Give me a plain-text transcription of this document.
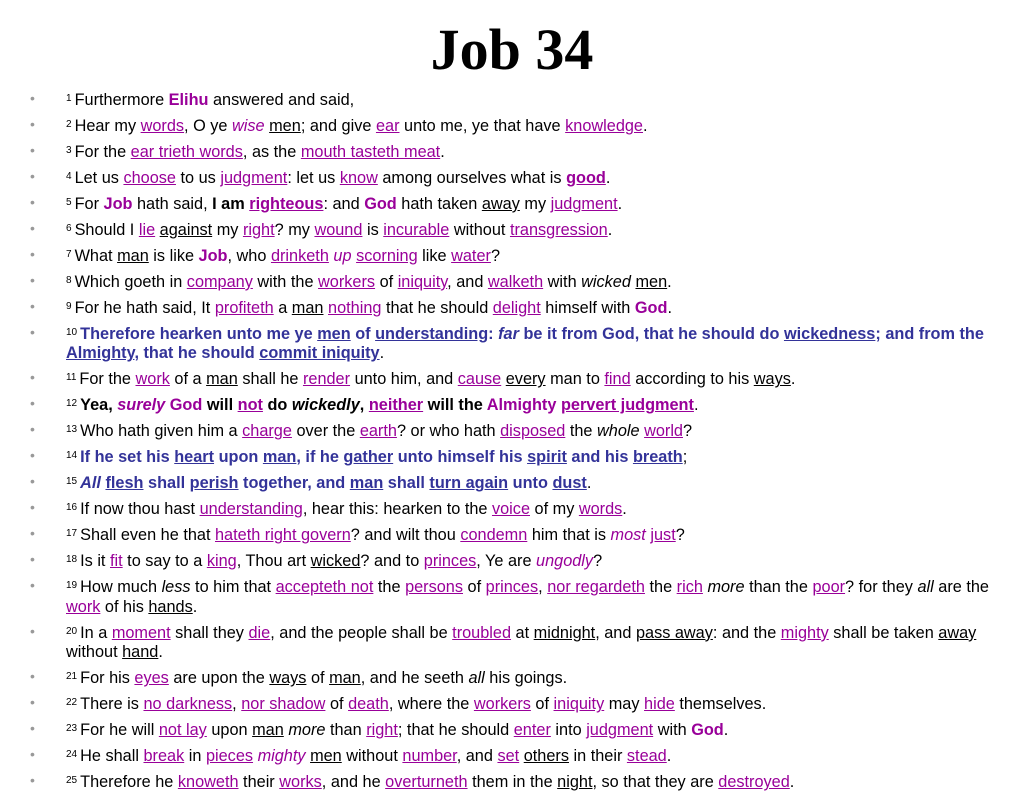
Job 34
•	$^1$ Furthermore Elihu answered and said,
•	$^2$ Hear my words, O ye wise men; and give ear unto me, ye that have knowledge.
•	$^3$ For the ear trieth words, as the mouth tasteth meat.
•	$^4$ Let us choose to us judgment: let us know among ourselves what is good.
•	$^5$ For Job hath said, I am righteous: and God hath taken away my judgment.
•	$^6$ Should I lie against my right? my wound is incurable without transgression.
•	$^7$ What man is like Job, who drinketh up scorning like water?
•	$^8$ Which goeth in company with the workers of iniquity, and walketh with wicked men.
•	$^9$ For he hath said, It profiteth a man nothing that he should delight himself with God.
•	$^{10}$ Therefore hearken unto me ye men of understanding: far be it from God, that he should do wickedness; and from the Almighty, that he should commit iniquity.
•	$^{11}$ For the work of a man shall he render unto him, and cause every man to find according to his ways.
•	$^{12}$ Yea, surely God will not do wickedly, neither will the Almighty pervert judgment.
•	$^{13}$ Who hath given him a charge over the earth? or who hath disposed the whole world?
•	$^{14}$ If he set his heart upon man, if he gather unto himself his spirit and his breath;
•	$^{15}$ All flesh shall perish together, and man shall turn again unto dust.
•	$^{16}$ If now thou hast understanding, hear this: hearken to the voice of my words.
•	$^{17}$ Shall even he that hateth right govern? and wilt thou condemn him that is most just?
•	$^{18}$ Is it fit to say to a king, Thou art wicked? and to princes, Ye are ungodly?
•	$^{19}$ How much less to him that accepteth not the persons of princes, nor regardeth the rich more than the poor? for they all are the work of his hands.
•	$^{20}$ In a moment shall they die, and the people shall be troubled at midnight, and pass away: and the mighty shall be taken away without hand.
•	$^{21}$ For his eyes are upon the ways of man, and he seeth all his goings.
•	$^{22}$ There is no darkness, nor shadow of death, where the workers of iniquity may hide themselves.
•	$^{23}$ For he will not lay upon man more than right; that he should enter into judgment with God.
•	$^{24}$ He shall break in pieces mighty men without number, and set others in their stead.
•	$^{25}$ Therefore he knoweth their works, and he overturneth them in the night, so that they are destroyed.
